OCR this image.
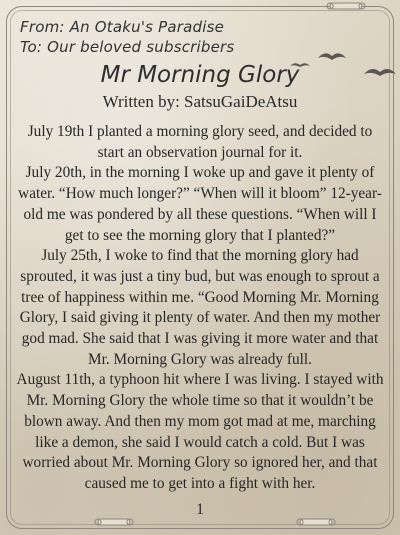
From: An Otaku's Paradise
To: Our beloved subscribers
Mr Morning Glory
Written by: SatsuGaiDeAtsu

July 19th I planted a morning glory seed, and decided to start an observation journal for it.

July 20th, in the morning I woke up and gave it plenty of water. “How much longer?” “When will it bloom” 12-year-old me was pondered by all these questions. “When will I get to see the morning glory that I planted?”

July 25th, I woke to find that the morning glory had sprouted, it was just a tiny bud, but was enough to sprout a tree of happiness within me. “Good Morning Mr. Morning Glory, I said giving it plenty of water. And then my mother god mad. She said that I was giving it more water and that Mr. Morning Glory was already full.

August 11th, a typhoon hit where I was living. I stayed with Mr. Morning Glory the whole time so that it wouldn’t be blown away. And then my mom got mad at me, marching like a demon, she said I would catch a cold. But I was worried about Mr. Morning Glory so ignored her, and that caused me to get into a fight with her.

1
